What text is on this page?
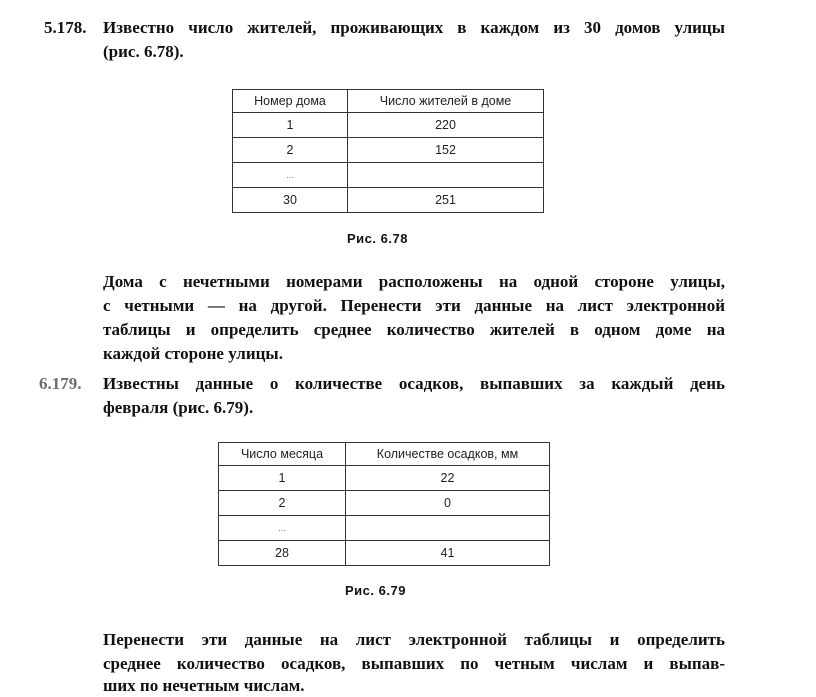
5.178. Известно число жителей, проживающих в каждом из 30 домов улицы
(рис. 6.78).
Номер дома	Число жителей в доме
1	220
2	152
...	
30	251
Рис. 6.78
Дома с нечетными номерами расположены на одной стороне улицы,
с четными — на другой. Перенести эти данные на лист электронной
таблицы и определить среднее количество жителей в одном доме на
каждой стороне улицы.
6.179. Известны данные о количестве осадков, выпавших за каждый день
февраля (рис. 6.79).
Число месяца	Количестве осадков, мм
1	22
2	0
...	
28	41
Рис. 6.79
Перенести эти данные на лист электронной таблицы и определить
среднее количество осадков, выпавших по четным числам и выпав-
ших по нечетным числам.
